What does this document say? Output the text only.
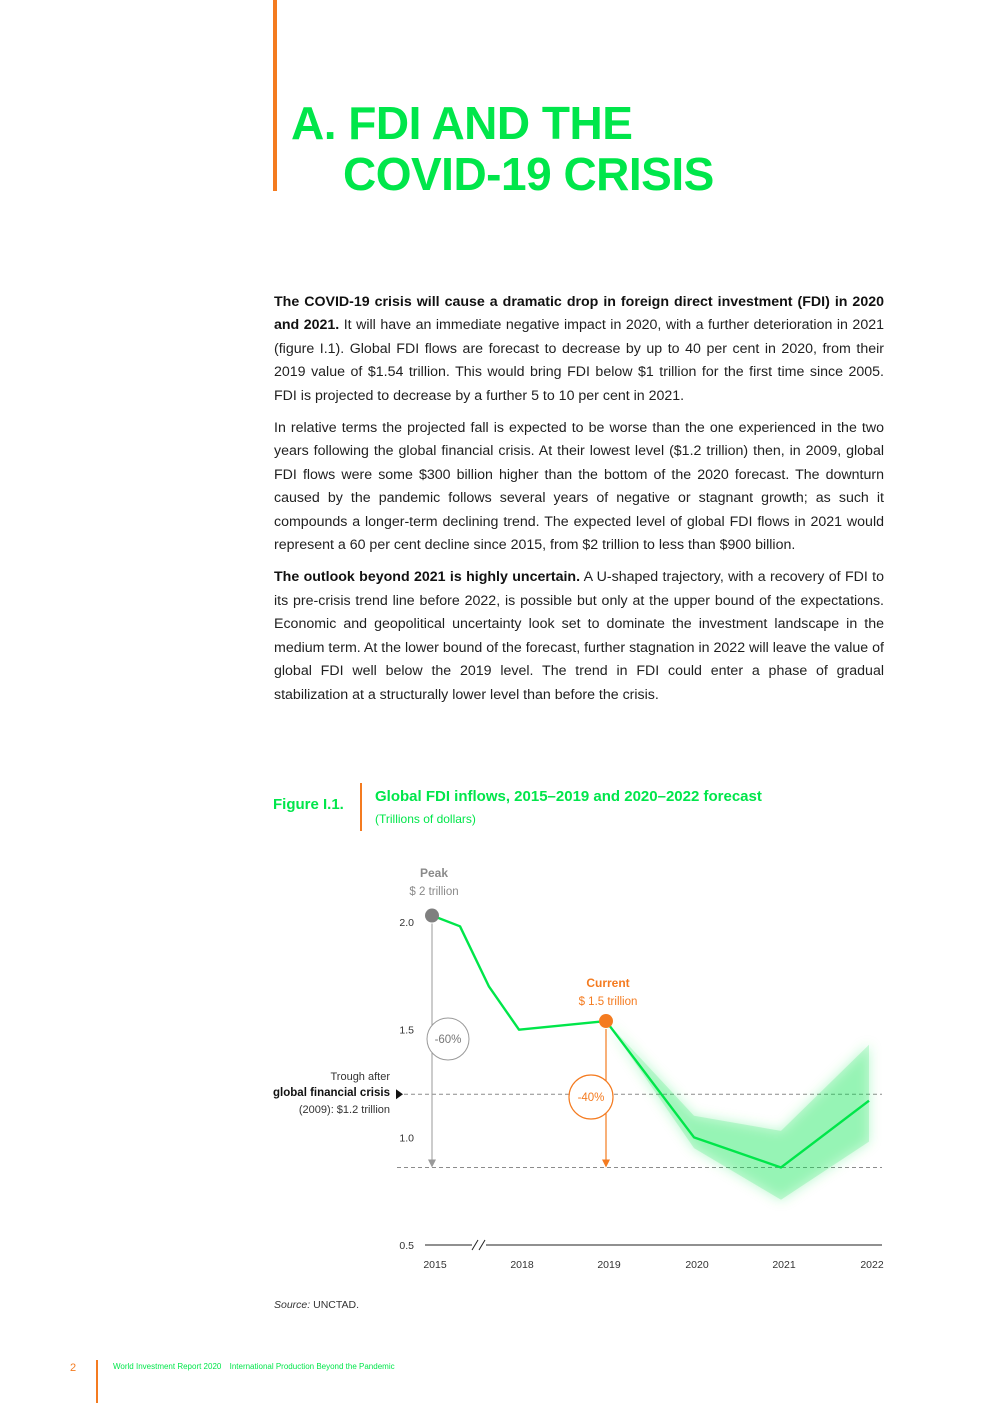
A. FDI AND THE
COVID-19 CRISIS

The COVID-19 crisis will cause a dramatic drop in foreign direct investment (FDI) in 2020 and 2021. It will have an immediate negative impact in 2020, with a further deterioration in 2021 (figure I.1). Global FDI flows are forecast to decrease by up to 40 per cent in 2020, from their 2019 value of $1.54 trillion. This would bring FDI below $1 trillion for the first time since 2005. FDI is projected to decrease by a further 5 to 10 per cent in 2021.

In relative terms the projected fall is expected to be worse than the one experienced in the two years following the global financial crisis. At their lowest level ($1.2 trillion) then, in 2009, global FDI flows were some $300 billion higher than the bottom of the 2020 forecast. The downturn caused by the pandemic follows several years of negative or stagnant growth; as such it compounds a longer-term declining trend. The expected level of global FDI flows in 2021 would represent a 60 per cent decline since 2015, from $2 trillion to less than $900 billion.

The outlook beyond 2021 is highly uncertain. A U-shaped trajectory, with a recovery of FDI to its pre-crisis trend line before 2022, is possible but only at the upper bound of the expectations. Economic and geopolitical uncertainty look set to dominate the investment landscape in the medium term. At the lower bound of the forecast, further stagnation in 2022 will leave the value of global FDI well below the 2019 level. The trend in FDI could enter a phase of gradual stabilization at a structurally lower level than before the crisis.

Figure I.1. Global FDI inflows, 2015–2019 and 2020–2022 forecast
(Trillions of dollars)
0.5
1.0
1.5
2.0
-60%
-40%
2015	2018	2019	2020	2021	2022
Peak
$ 2 trillion
Current
$ 1.5 trillion
Trough after
global financial crisis
(2009): $1.2 trillion
Source: UNCTAD.
2	World Investment Report 2020 International Production Beyond the Pandemic
